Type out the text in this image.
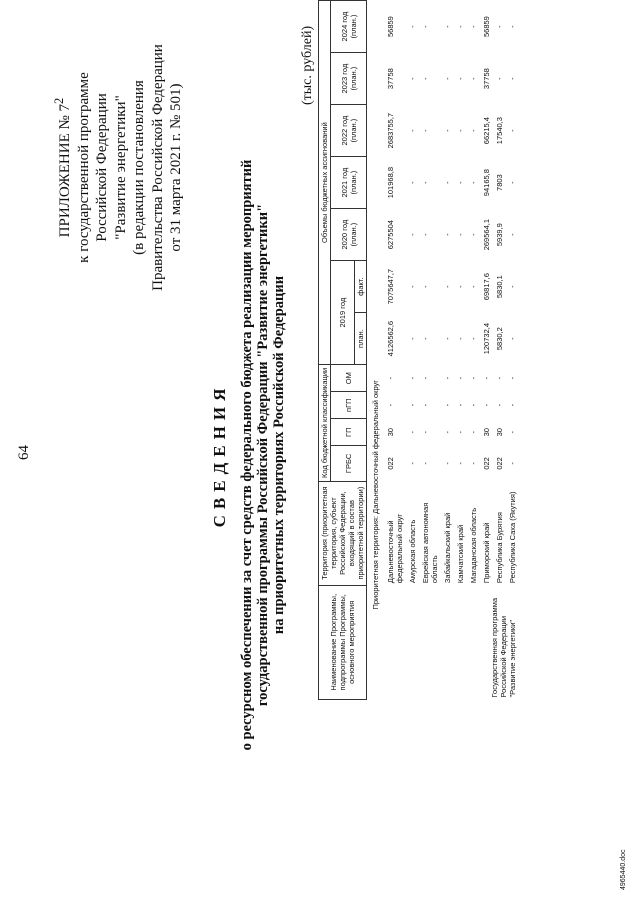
64
ПРИЛОЖЕНИЕ № $7^2$ к государственной программе Российской Федерации "Развитие энергетики" (в редакции постановления Правительства Российской Федерации от 31 марта 2021 г. № 501)
СВЕДЕНИЯ о ресурсном обеспечении за счет средств федерального бюджета реализации мероприятий государственной программы Российской Федерации "Развитие энергетики" на приоритетных территориях Российской Федерации
(тыс. рублей)
Наименование Программы, подпрограммы Программы, основного мероприятия	Территория (приоритетная территория, субъект Российской Федерации, входящий в состав приоритетной территории)	Код бюджетной классификации				Объемы бюджетных ассигнований						
		ГРБС	ГП	пГП	ОМ	2019 год		2020 год (план.)	2021 год (план.)	2022 год (план.)	2023 год (план.)	2024 год (план.)
						план.	факт.					
Приоритетная территория: Дальневосточный федеральный округ												
Государственная программа Российской Федерации "Развитие энергетики"	Дальневосточный федеральный округ	022	30	-	-	4126562,6	7075647,7	6275504	101968,8	2683755,7	37758	56859
	Амурская область	-	-	-	-	-	-	-	-	-	-	-
	Еврейская автономная область	-	-	-	-	-	-	-	-	-	-	-
	Забайкальский край	-	-	-	-	-	-	-	-	-	-	-
	Камчатский край	-	-	-	-	-	-	-	-	-	-	-
	Магаданская область	-	-	-	-	-	-	-	-	-	-	-
	Приморский край	022	30	-	-	120732,4	69817,6	269564,1	94165,8	66215,4	37758	56859
	Республика Бурятия	022	30	-	-	5830,2	5830,1	5939,9	7803	17540,3	-	-
	Республика Саха (Якутия)	-	-	-	-	-	-	-	-	-	-	-
4965440.doc
